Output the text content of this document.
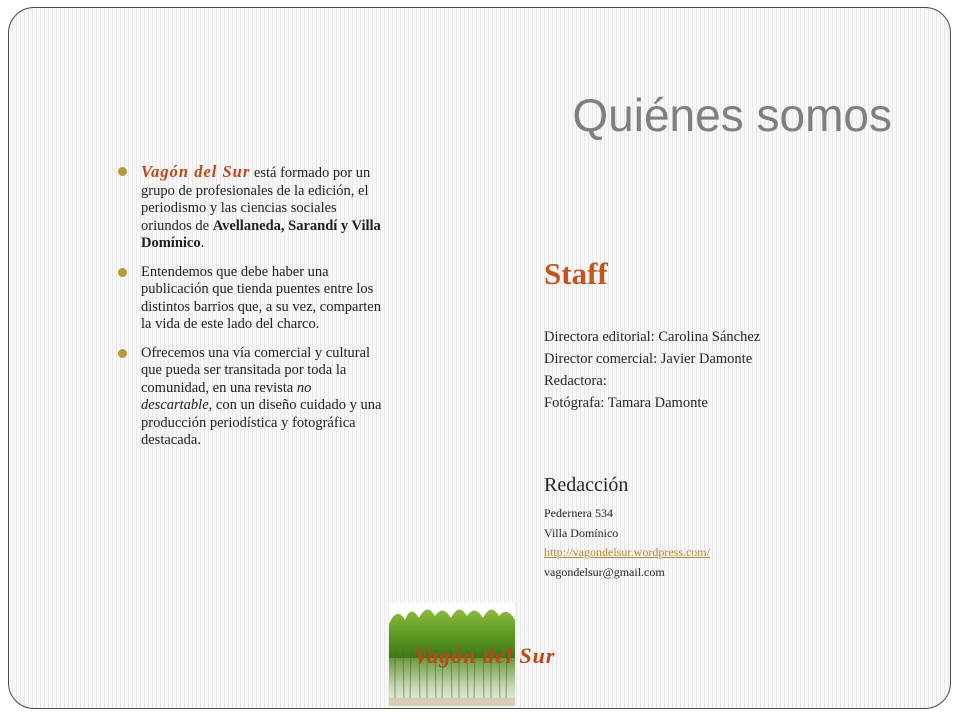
Quiénes somos
Vagón del Sur está formado por un grupo de profesionales de la edición, el periodismo y las ciencias sociales oriundos de Avellaneda, Sarandí y Villa Domínico.
Entendemos que debe haber una publicación que tienda puentes entre los distintos barrios que, a su vez, comparten la vida de este lado del charco.
Ofrecemos una vía comercial y cultural que pueda ser transitada por toda la comunidad, en una revista no descartable, con un diseño cuidado y una producción periodística y fotográfica destacada.
Staff
Directora editorial: Carolina Sánchez
Director comercial: Javier Damonte
Redactora:
Fotógrafa: Tamara Damonte
Redacción
Pedernera 534
Villa Domínico
http://vagondelsur.wordpress.com/
vagondelsur@gmail.com
Vagón del Sur
